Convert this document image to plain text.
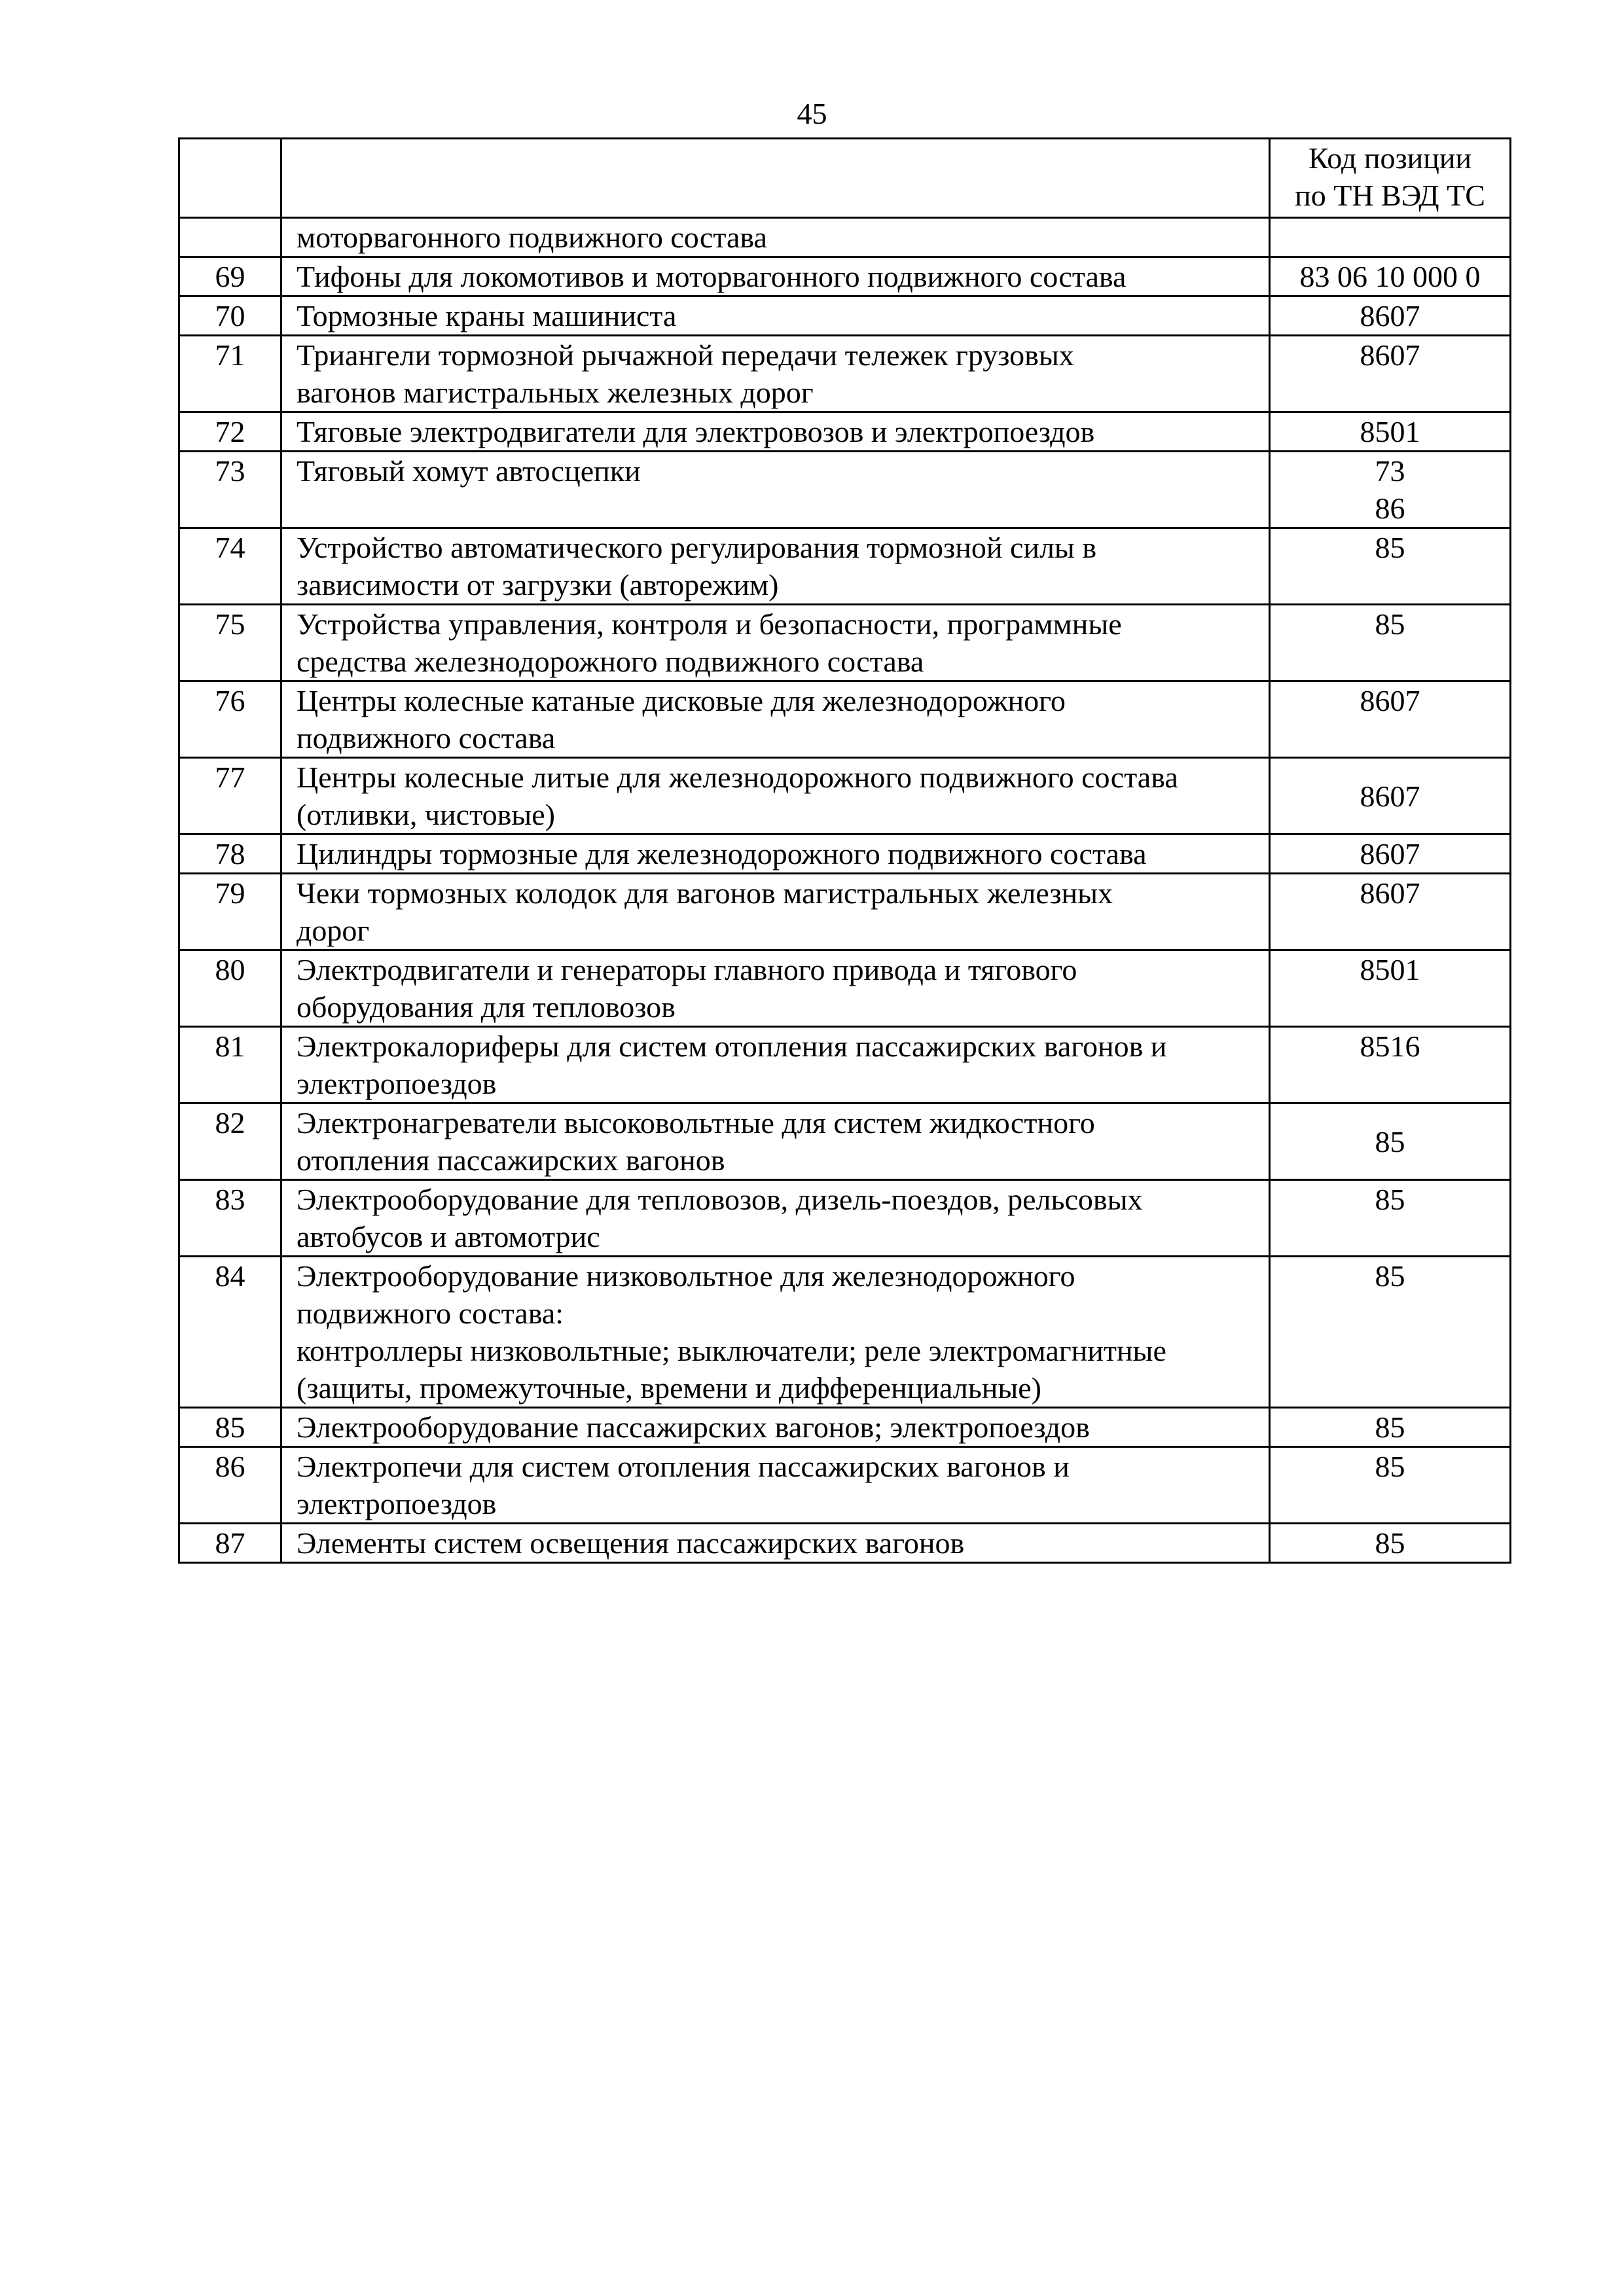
45

		Код позиции
по ТН ВЭД ТС

	моторвагонного подвижного состава	

69	Тифоны для локомотивов и моторвагонного подвижного состава	83 06 10 000 0

70	Тормозные краны машиниста	8607

71	Триангели тормозной рычажной передачи тележек грузовых
вагонов магистральных железных дорог	8607

72	Тяговые электродвигатели для электровозов и электропоездов	8501

73	Тяговый хомут автосцепки	73
86

74	Устройство автоматического регулирования тормозной силы в
зависимости от загрузки (авторежим)	85

75	Устройства управления, контроля и безопасности, программные
средства железнодорожного подвижного состава	85

76	Центры колесные катаные дисковые для железнодорожного
подвижного состава	8607

77	Центры колесные литые для железнодорожного подвижного состава
(отливки, чистовые)	8607

78	Цилиндры тормозные для железнодорожного подвижного состава	8607

79	Чеки тормозных колодок для вагонов магистральных железных
дорог	8607

80	Электродвигатели и генераторы главного привода и тягового
оборудования для тепловозов	8501

81	Электрокалориферы для систем отопления пассажирских вагонов и
электропоездов	8516

82	Электронагреватели высоковольтные для систем жидкостного
отопления пассажирских вагонов	85

83	Электрооборудование для тепловозов, дизель-поездов, рельсовых
автобусов и автомотрис	85

84	Электрооборудование низковольтное для железнодорожного
подвижного состава:
контроллеры низковольтные; выключатели; реле электромагнитные
(защиты, промежуточные, времени и дифференциальные)	85

85	Электрооборудование пассажирских вагонов; электропоездов	85

86	Электропечи для систем отопления пассажирских вагонов и
электропоездов	85

87	Элементы систем освещения пассажирских вагонов	85
